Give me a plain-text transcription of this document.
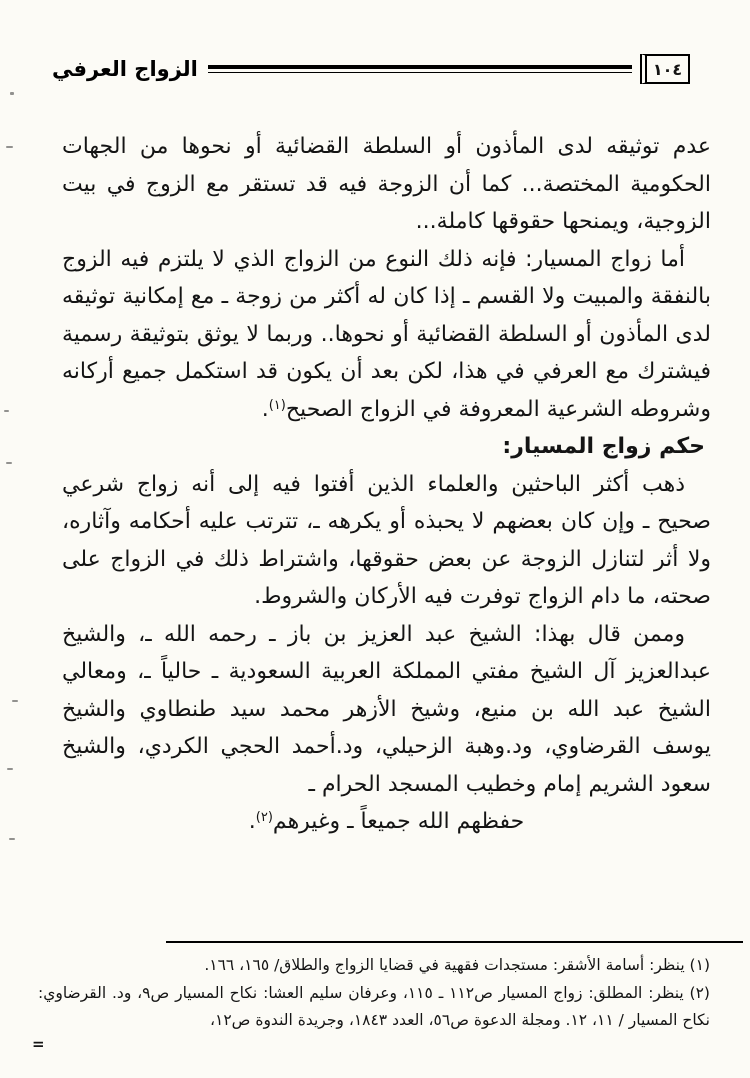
الزواج العرفي	١٠٤

عدم توثيقه لدى المأذون أو السلطة القضائية أو نحوها من الجهات الحكومية المختصة... كما أن الزوجة فيه قد تستقر مع الزوج في بيت الزوجية، ويمنحها حقوقها كاملة...

أما زواج المسيار: فإنه ذلك النوع من الزواج الذي لا يلتزم فيه الزوج بالنفقة والمبيت ولا القسم ـ إذا كان له أكثر من زوجة ـ مع إمكانية توثيقه لدى المأذون أو السلطة القضائية أو نحوها.. وربما لا يوثق بتوثيقة رسمية فيشترك مع العرفي في هذا، لكن بعد أن يكون قد استكمل جميع أركانه وشروطه الشرعية المعروفة في الزواج الصحيح$^{(١)}$.

حكم زواج المسيار:

ذهب أكثر الباحثين والعلماء الذين أفتوا فيه إلى أنه زواج شرعي صحيح ـ وإن كان بعضهم لا يحبذه أو يكرهه ـ، تترتب عليه أحكامه وآثاره، ولا أثر لتنازل الزوجة عن بعض حقوقها، واشتراط ذلك في الزواج على صحته، ما دام الزواج توفرت فيه الأركان والشروط.

وممن قال بهذا: الشيخ عبد العزيز بن باز ـ رحمه الله ـ، والشيخ عبدالعزيز آل الشيخ مفتي المملكة العربية السعودية ـ حالياً ـ، ومعالي الشيخ عبد الله بن منيع، وشيخ الأزهر محمد سيد طنطاوي والشيخ يوسف القرضاوي، ود.وهبة الزحيلي، ود.أحمد الحجي الكردي، والشيخ سعود الشريم إمام وخطيب المسجد الحرام ـ

حفظهم الله جميعاً ـ وغيرهم$^{(٢)}$.

(١) ينظر: أسامة الأشقر: مستجدات فقهية في قضايا الزواج والطلاق/ ١٦٥، ١٦٦.

(٢) ينظر: المطلق: زواج المسيار ص١١٢ ـ ١١٥، وعرفان سليم العشا: نكاح المسيار ص٩، ود. القرضاوي: نكاح المسيار / ١١، ١٢. ومجلة الدعوة ص٥٦، العدد ١٨٤٣، وجريدة الندوة ص١٢،

=
